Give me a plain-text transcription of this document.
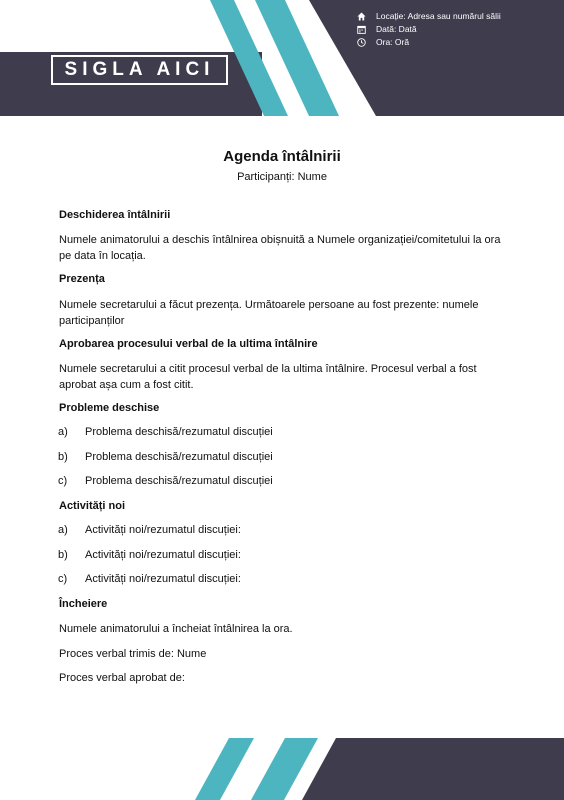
SIGLA AICI
Locație: Adresa sau numărul sălii
Dată: Dată
Ora: Oră
Agenda întâlnirii
Participanți: Nume
Deschiderea întâlnirii
Numele animatorului a deschis întâlnirea obișnuită a Numele organizației/comitetului la ora pe data în locația.
Prezența
Numele secretarului a făcut prezența. Următoarele persoane au fost prezente: numele participanților
Aprobarea procesului verbal de la ultima întâlnire
Numele secretarului a citit procesul verbal de la ultima întâlnire. Procesul verbal a fost aprobat așa cum a fost citit.
Probleme deschise
a) Problema deschisă/rezumatul discuției
b) Problema deschisă/rezumatul discuției
c) Problema deschisă/rezumatul discuției
Activități noi
a) Activități noi/rezumatul discuției:
b) Activități noi/rezumatul discuției:
c) Activități noi/rezumatul discuției:
Încheiere
Numele animatorului a încheiat întâlnirea la ora.
Proces verbal trimis de: Nume
Proces verbal aprobat de:
